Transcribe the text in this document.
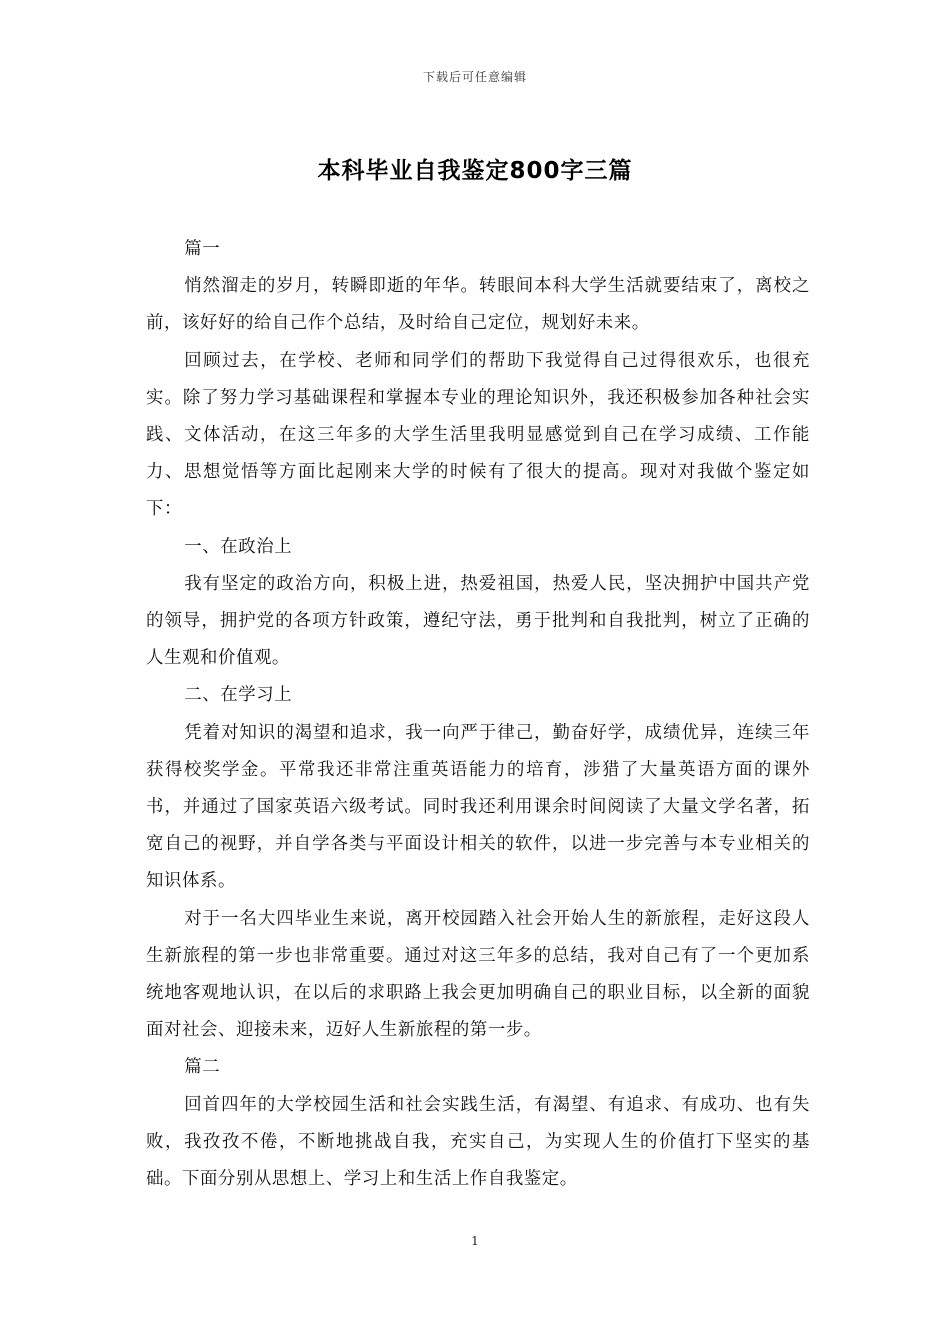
下载后可任意编辑
本科毕业自我鉴定800字三篇

篇一

悄然溜走的岁月，转瞬即逝的年华。转眼间本科大学生活就要结束了，离校之前，该好好的给自己作个总结，及时给自己定位，规划好未来。

回顾过去，在学校、老师和同学们的帮助下我觉得自己过得很欢乐，也很充实。除了努力学习基础课程和掌握本专业的理论知识外，我还积极参加各种社会实践、文体活动，在这三年多的大学生活里我明显感觉到自己在学习成绩、工作能力、思想觉悟等方面比起刚来大学的时候有了很大的提高。现对对我做个鉴定如下：

一、在政治上

我有坚定的政治方向，积极上进，热爱祖国，热爱人民，坚决拥护中国共产党的领导，拥护党的各项方针政策，遵纪守法，勇于批判和自我批判，树立了正确的人生观和价值观。

二、在学习上

凭着对知识的渴望和追求，我一向严于律己，勤奋好学，成绩优异，连续三年获得校奖学金。平常我还非常注重英语能力的培育，涉猎了大量英语方面的课外书，并通过了国家英语六级考试。同时我还利用课余时间阅读了大量文学名著，拓宽自己的视野，并自学各类与平面设计相关的软件，以进一步完善与本专业相关的知识体系。

对于一名大四毕业生来说，离开校园踏入社会开始人生的新旅程，走好这段人生新旅程的第一步也非常重要。通过对这三年多的总结，我对自己有了一个更加系统地客观地认识，在以后的求职路上我会更加明确自己的职业目标，以全新的面貌面对社会、迎接未来，迈好人生新旅程的第一步。

篇二

回首四年的大学校园生活和社会实践生活，有渴望、有追求、有成功、也有失败，我孜孜不倦，不断地挑战自我，充实自己，为实现人生的价值打下坚实的基础。下面分别从思想上、学习上和生活上作自我鉴定。

1
